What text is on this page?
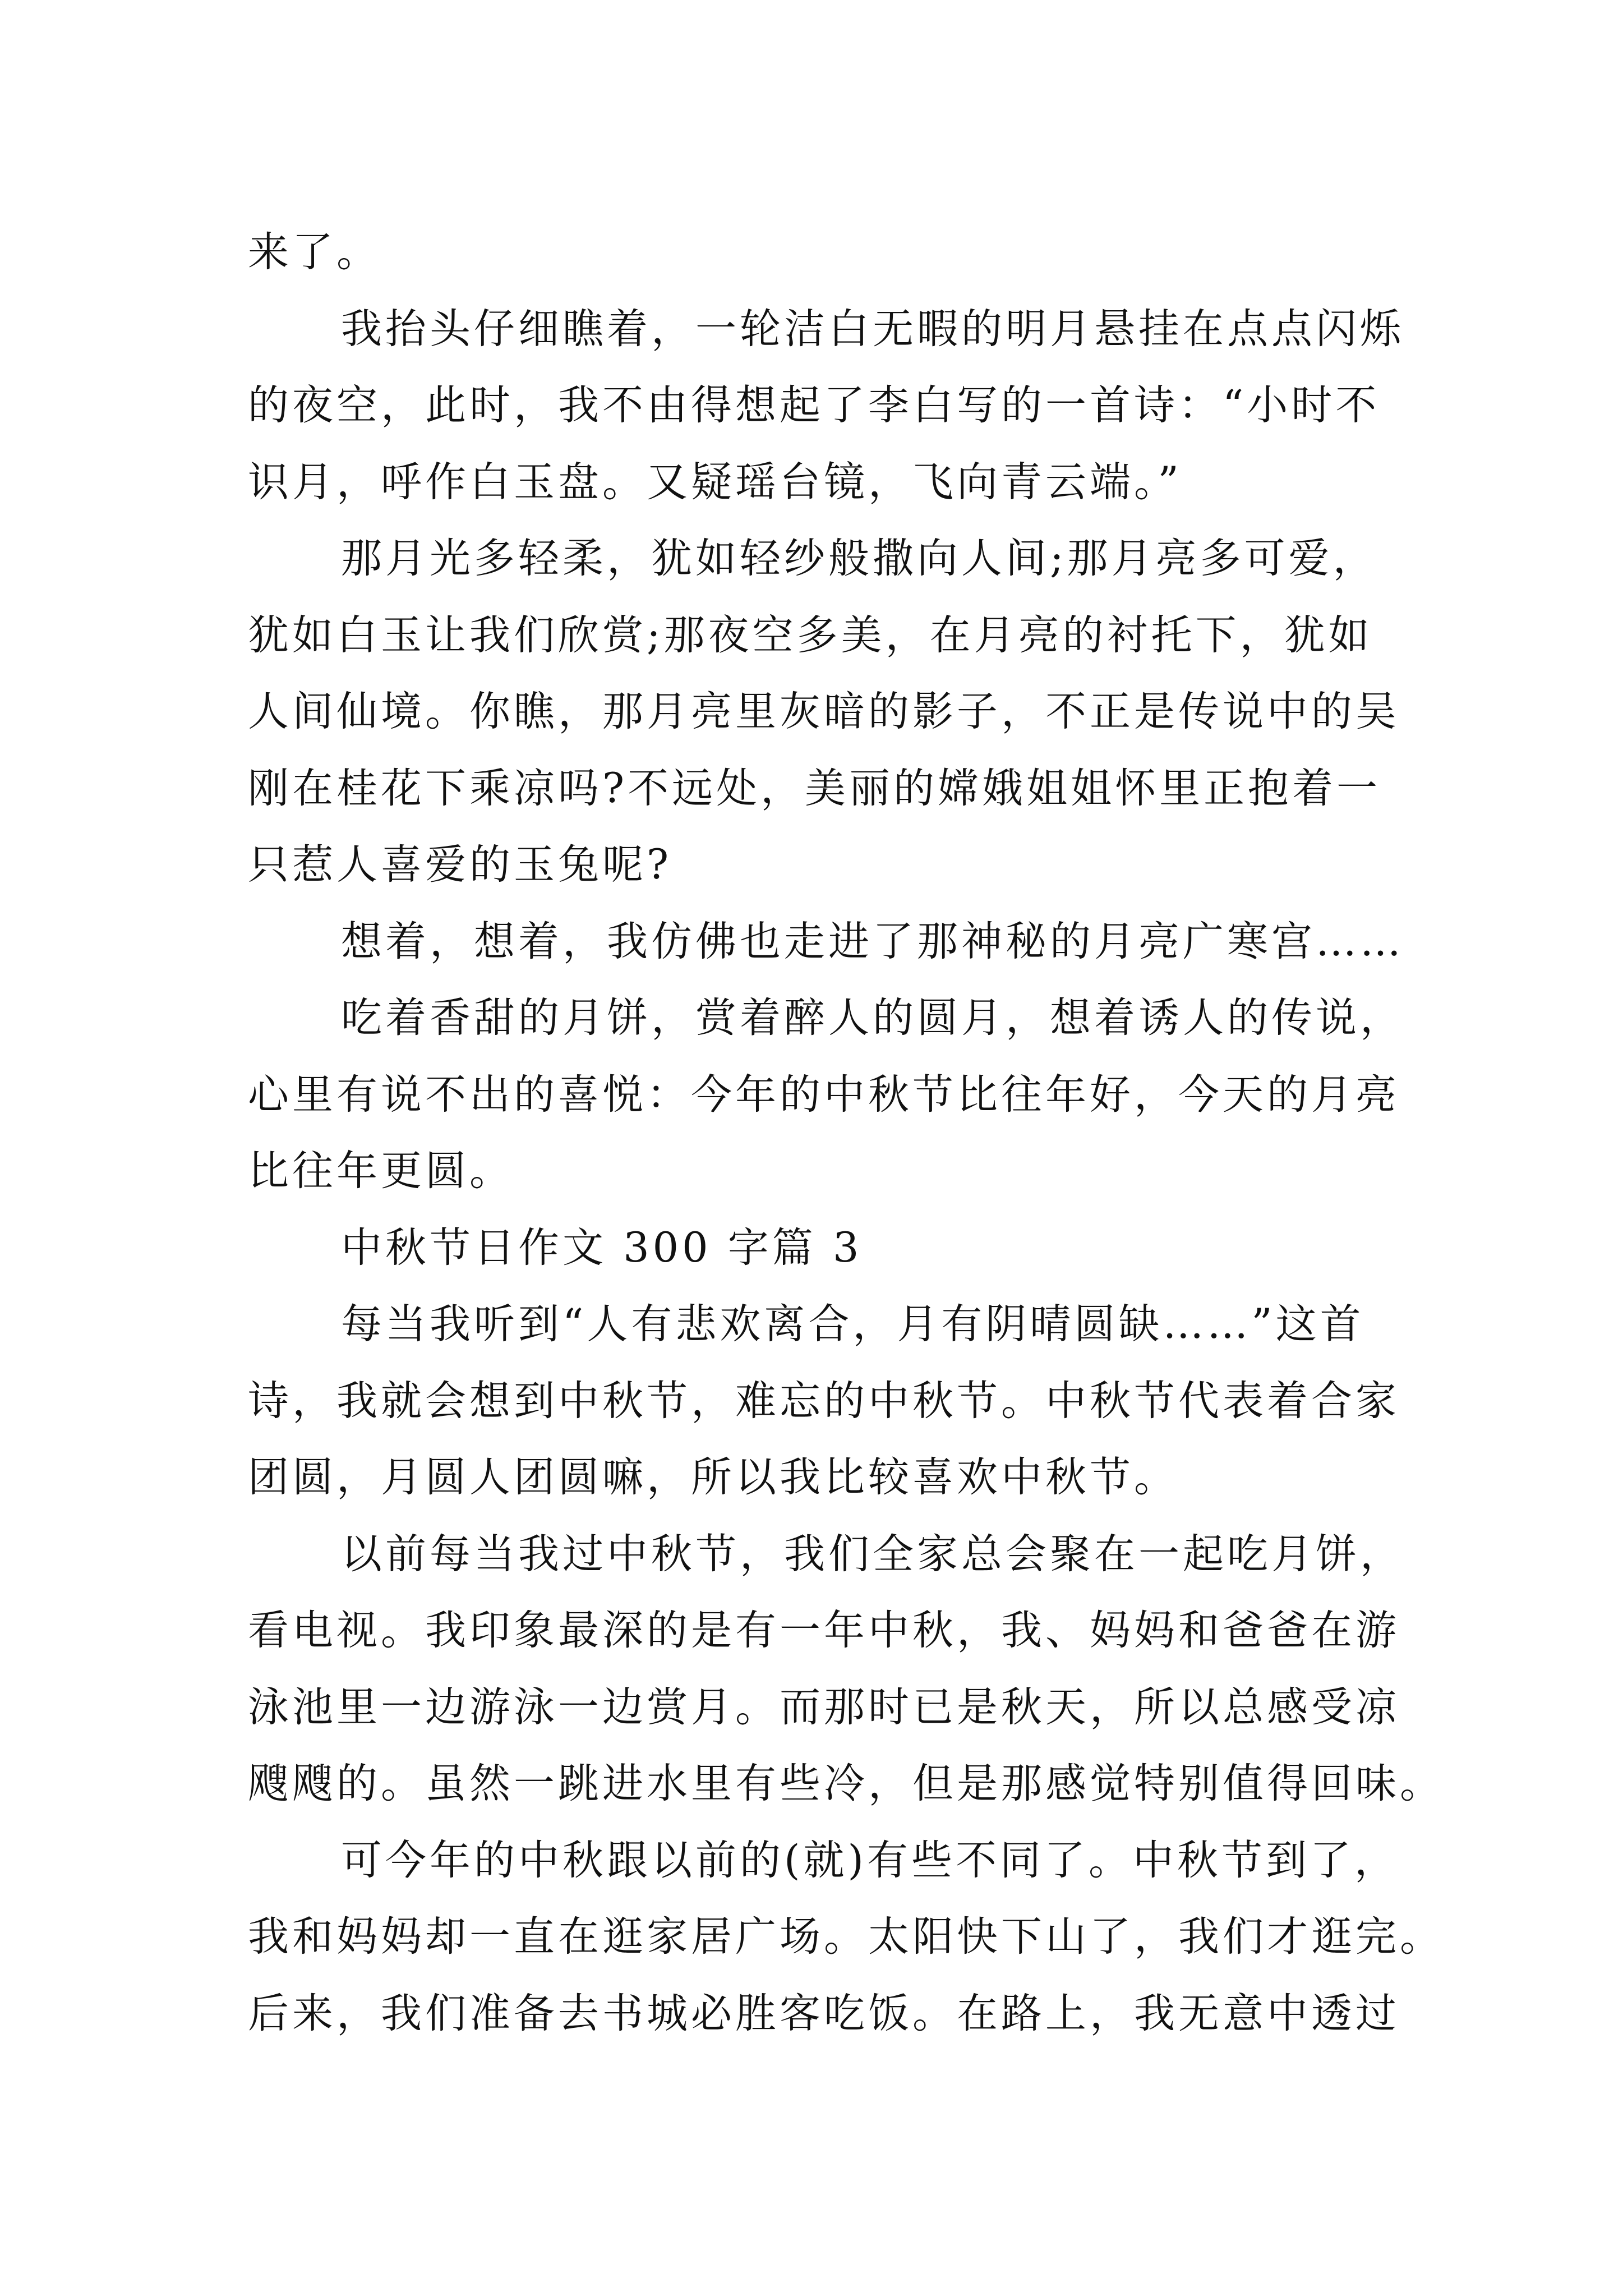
来了。
我抬头仔细瞧着，一轮洁白无暇的明月悬挂在点点闪烁
的夜空，此时，我不由得想起了李白写的一首诗：“小时不
识月，呼作白玉盘。又疑瑶台镜，飞向青云端。”
那月光多轻柔，犹如轻纱般撒向人间;那月亮多可爱，
犹如白玉让我们欣赏;那夜空多美，在月亮的衬托下，犹如
人间仙境。你瞧，那月亮里灰暗的影子，不正是传说中的吴
刚在桂花下乘凉吗?不远处，美丽的嫦娥姐姐怀里正抱着一
只惹人喜爱的玉兔呢?
想着，想着，我仿佛也走进了那神秘的月亮广寒宫……
吃着香甜的月饼，赏着醉人的圆月，想着诱人的传说，
心里有说不出的喜悦：今年的中秋节比往年好，今天的月亮
比往年更圆。
中秋节日作文 300 字篇 3
每当我听到“人有悲欢离合，月有阴晴圆缺……”这首
诗，我就会想到中秋节，难忘的中秋节。中秋节代表着合家
团圆，月圆人团圆嘛，所以我比较喜欢中秋节。
以前每当我过中秋节，我们全家总会聚在一起吃月饼，
看电视。我印象最深的是有一年中秋，我、妈妈和爸爸在游
泳池里一边游泳一边赏月。而那时已是秋天，所以总感受凉
飕飕的。虽然一跳进水里有些冷，但是那感觉特别值得回味。
可今年的中秋跟以前的(就)有些不同了。中秋节到了，
我和妈妈却一直在逛家居广场。太阳快下山了，我们才逛完。
后来，我们准备去书城必胜客吃饭。在路上，我无意中透过
